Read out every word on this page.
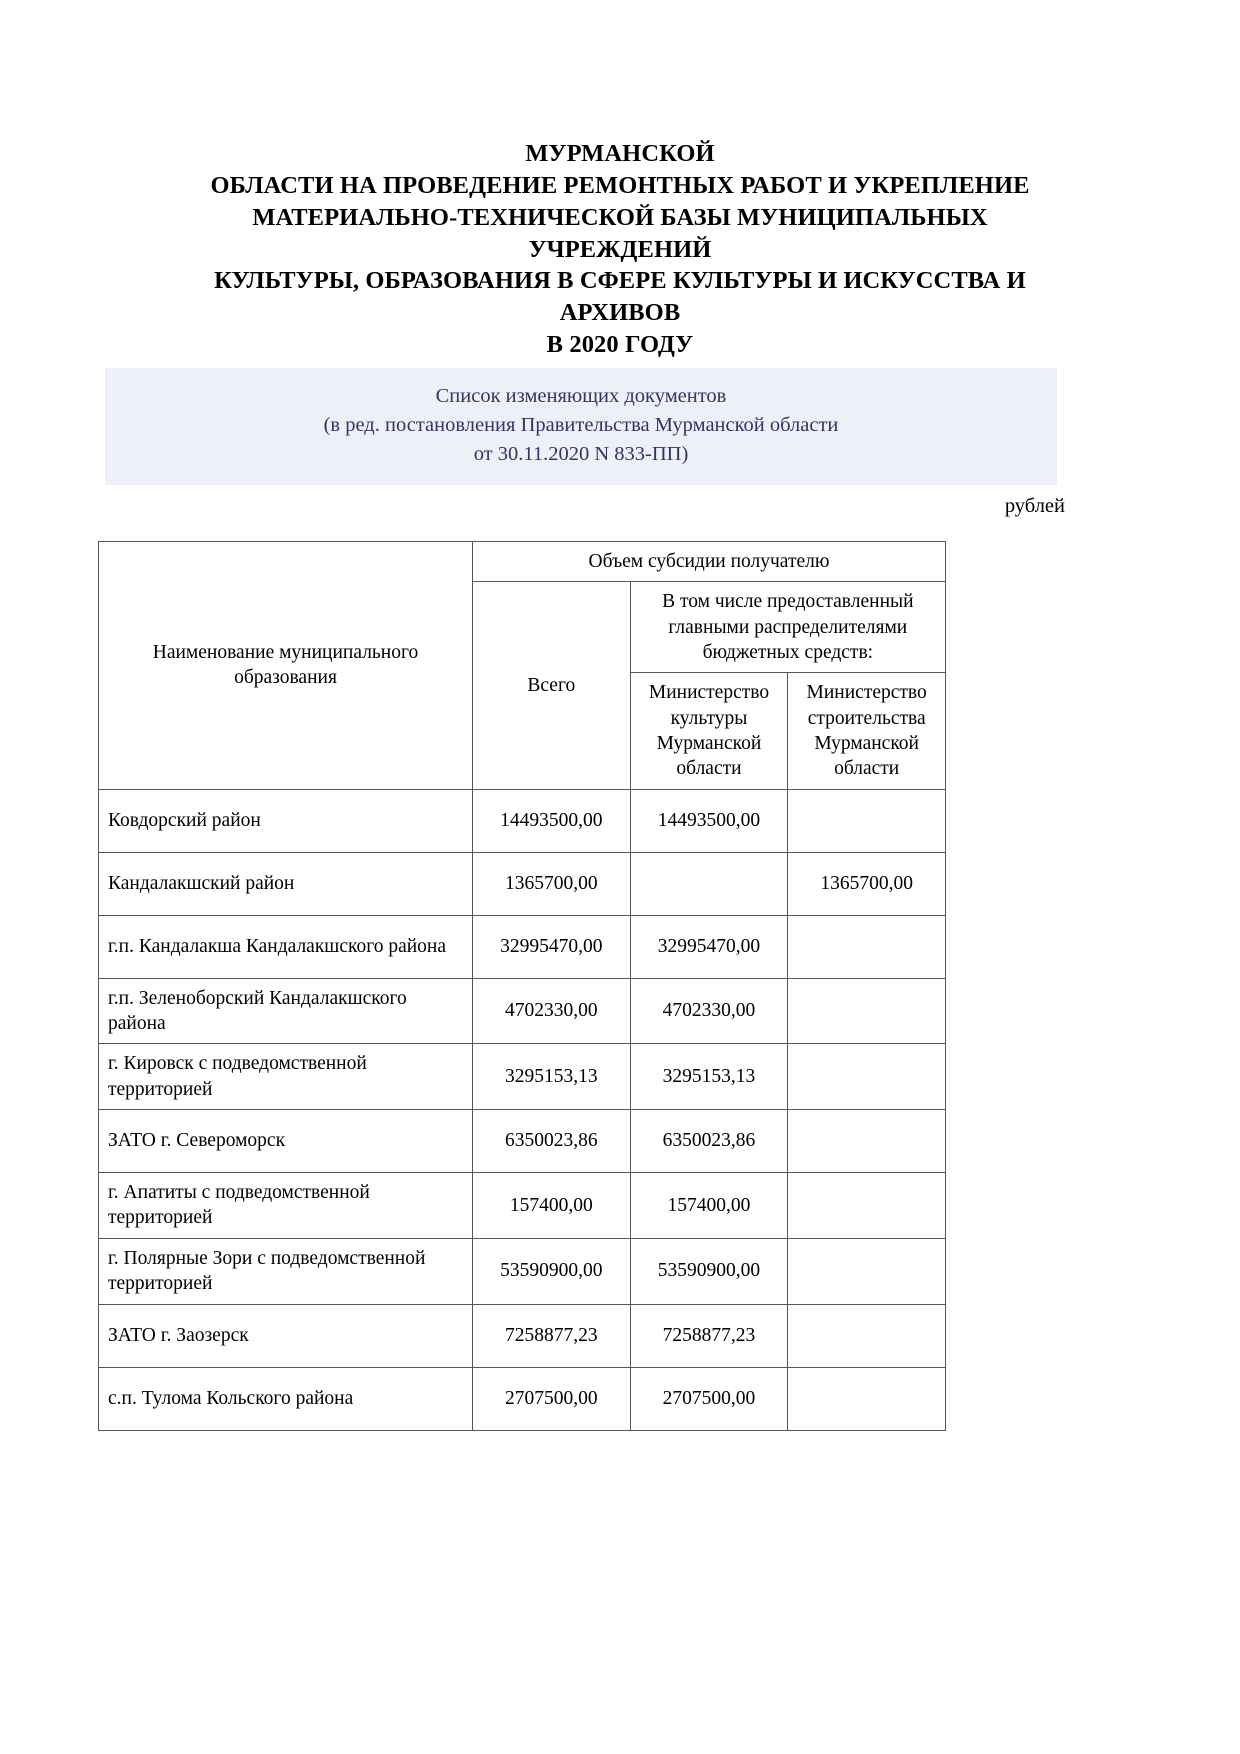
МУРМАНСКОЙ
ОБЛАСТИ НА ПРОВЕДЕНИЕ РЕМОНТНЫХ РАБОТ И УКРЕПЛЕНИЕ
МАТЕРИАЛЬНО-ТЕХНИЧЕСКОЙ БАЗЫ МУНИЦИПАЛЬНЫХ
УЧРЕЖДЕНИЙ
КУЛЬТУРЫ, ОБРАЗОВАНИЯ В СФЕРЕ КУЛЬТУРЫ И ИСКУССТВА И
АРХИВОВ
В 2020 ГОДУ
Список изменяющих документов
(в ред. постановления Правительства Мурманской области
от 30.11.2020 N 833-ПП)
рублей
Наименование муниципального образования	Объем субсидии получателю		
	Всего	В том числе предоставленный главными распределителями бюджетных средств:	
		Министерство культуры Мурманской области	Министерство строительства Мурманской области
Ковдорский район	14493500,00	14493500,00	
Кандалакшский район	1365700,00		1365700,00
г.п. Кандалакша Кандалакшского района	32995470,00	32995470,00	
г.п. Зеленоборский Кандалакшского района	4702330,00	4702330,00	
г. Кировск с подведомственной территорией	3295153,13	3295153,13	
ЗАТО г. Североморск	6350023,86	6350023,86	
г. Апатиты с подведомственной территорией	157400,00	157400,00	
г. Полярные Зори с подведомственной территорией	53590900,00	53590900,00	
ЗАТО г. Заозерск	7258877,23	7258877,23	
с.п. Тулома Кольского района	2707500,00	2707500,00	
